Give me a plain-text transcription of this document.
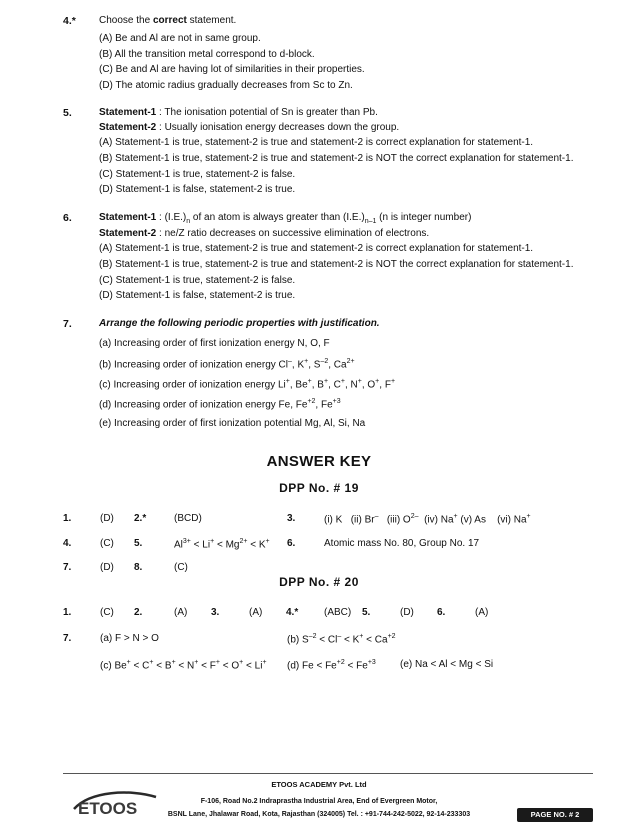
4.* Choose the correct statement.
(A) Be and Al are not in same group.
(B) All the transition metal correspond to d-block.
(C) Be and Al are having lot of similarities in their properties.
(D) The atomic radius gradually decreases from Sc to Zn.
5.	Statement-1 : The ionisation potential of Sn is greater than Pb.
Statement-2 : Usually ionisation energy decreases down the group.
(A) Statement-1 is true, statement-2 is true and statement-2 is correct explanation for statement-1.
(B) Statement-1 is true, statement-2 is true and statement-2 is NOT the correct explanation for statement-1.
(C) Statement-1 is true, statement-2 is false.
(D) Statement-1 is false, statement-2 is true.
6.	Statement-1 : $(I.E.)_n$ of an atom is always greater than $(I.E.)_{n-1}$ (n is integer number)
Statement-2 : ne/Z ratio decreases on successive elimination of electrons.
(A) Statement-1 is true, statement-2 is true and statement-2 is correct explanation for statement-1.
(B) Statement-1 is true, statement-2 is true and statement-2 is NOT the correct explanation for statement-1.
(C) Statement-1 is true, statement-2 is false.
(D) Statement-1 is false, statement-2 is true.
7.	Arrange the following periodic properties with justification.
(a) Increasing order of first ionization energy N, O, F
(b) Increasing order of ionization energy Cl–, K+, $S^{-2}$, $Ca^{2+}$
(c) Increasing order of ionization energy Li+, Be+, B+, C+, N+, O+, F+
(d) Increasing order of ionization energy Fe, $Fe^{+2}$, $Fe^{+3}$
(e) Increasing order of first ionization potential Mg, Al, Si, Na
ANSWER KEY
DPP No. # 19
1.	(D) 2.*	(BCD)	3.	(i) K (ii) Br– (iii) $O^{2-}$ (iv) Na+ (v) As (vi) Na+
4.	(C) 5.	$Al^{3+} < Li^+ < Mg^{2+} < K^+$ 6.	Atomic mass No. 80, Group No. 17
7.	(D) 8.	(C)
DPP No. # 20
1.	(C) 2.	(A) 3.	(A) 4.*	(ABC) 5.	(D) 6.	(A)
7.	(a) F > N > O	(b) $S^{-2} < Cl^- < K^+ < Ca^{+2}$
(c) Be+ < C+ < B+ < N+ < F+ < O+ < Li+ (d) $Fe < Fe^{+2} < Fe^{+3}$ (e) Na < Al < Mg < Si
ETOOS
ETOOS ACADEMY Pvt. Ltd
F-106, Road No.2 Indraprastha Industrial Area, End of Evergreen Motor,
BSNL Lane, Jhalawar Road, Kota, Rajasthan (324005) Tel. : +91-744-242-5022, 92-14-233303	PAGE NO. # 2
